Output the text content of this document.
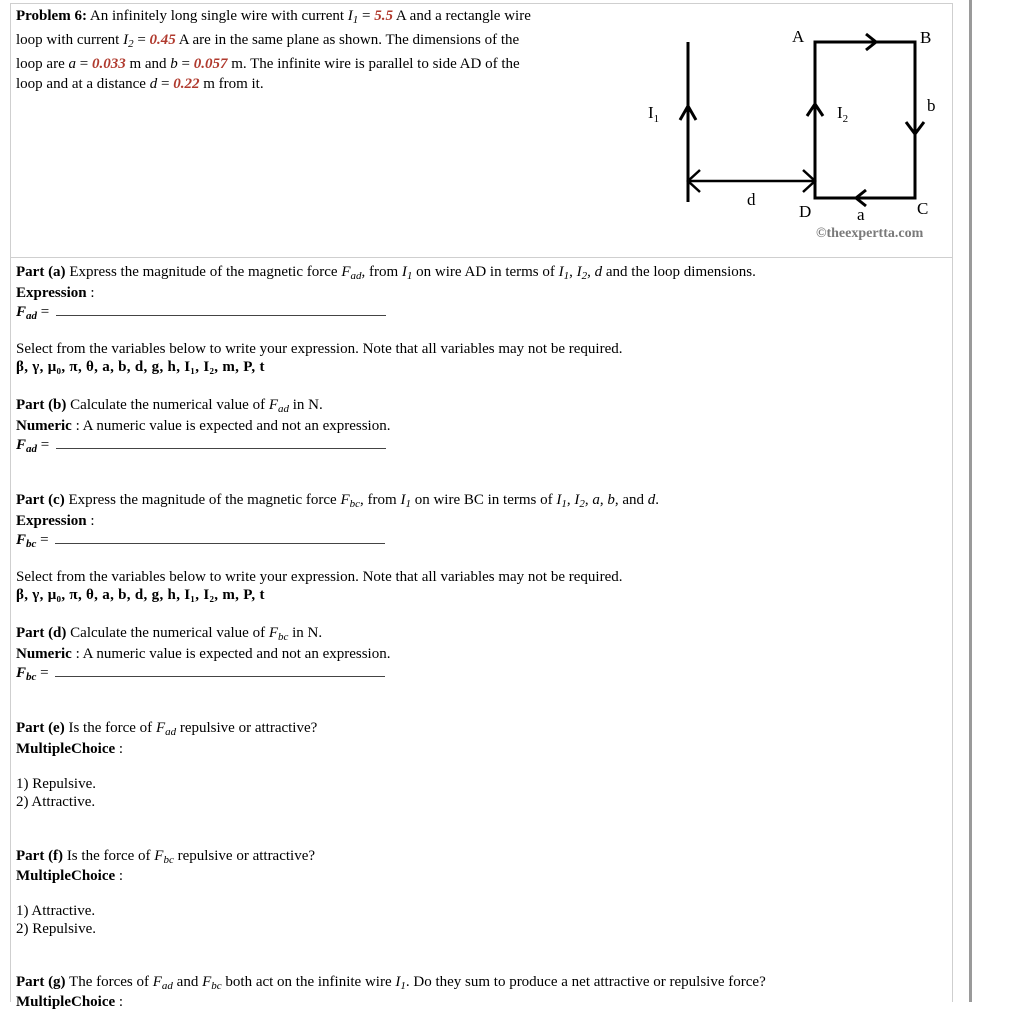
Problem 6: An infinitely long single wire with current $I_1 = 5.5$ A and a rectangle wire
loop with current $I_2 = 0.45$ A are in the same plane as shown. The dimensions of the
loop are a = 0.033 m and b = 0.057 m. The infinite wire is parallel to side AD of the
loop and at a distance d = 0.22 m from it.
$I_1$
d
A	B
C
D
b
a
$I_2$
©theexpertta.com
Part (a) Express the magnitude of the magnetic force $F_{ad}$, from $I_1$ on wire AD in terms of $I_1$, $I_2$, d and the loop dimensions.
Expression :
$F_{ad}$ =
Select from the variables below to write your expression. Note that all variables may not be required.
β, γ, μ₀, π, θ, a, b, d, g, h, I₁, I₂, m, P, t
Part (b) Calculate the numerical value of $F_{ad}$ in N.
Numeric : A numeric value is expected and not an expression.
$F_{ad}$ =
Part (c) Express the magnitude of the magnetic force $F_{bc}$, from $I_1$ on wire BC in terms of $I_1$, $I_2$, a, b, and d.
Expression :
$F_{bc}$ =
Select from the variables below to write your expression. Note that all variables may not be required.
β, γ, μ₀, π, θ, a, b, d, g, h, I₁, I₂, m, P, t
Part (d) Calculate the numerical value of $F_{bc}$ in N.
Numeric : A numeric value is expected and not an expression.
$F_{bc}$ =
Part (e) Is the force of $F_{ad}$ repulsive or attractive?
MultipleChoice :
1) Repulsive.
2) Attractive.
Part (f) Is the force of $F_{bc}$ repulsive or attractive?
MultipleChoice :
1) Attractive.
2) Repulsive.
Part (g) The forces of $F_{ad}$ and $F_{bc}$ both act on the infinite wire $I_1$. Do they sum to produce a net attractive or repulsive force?
MultipleChoice :
